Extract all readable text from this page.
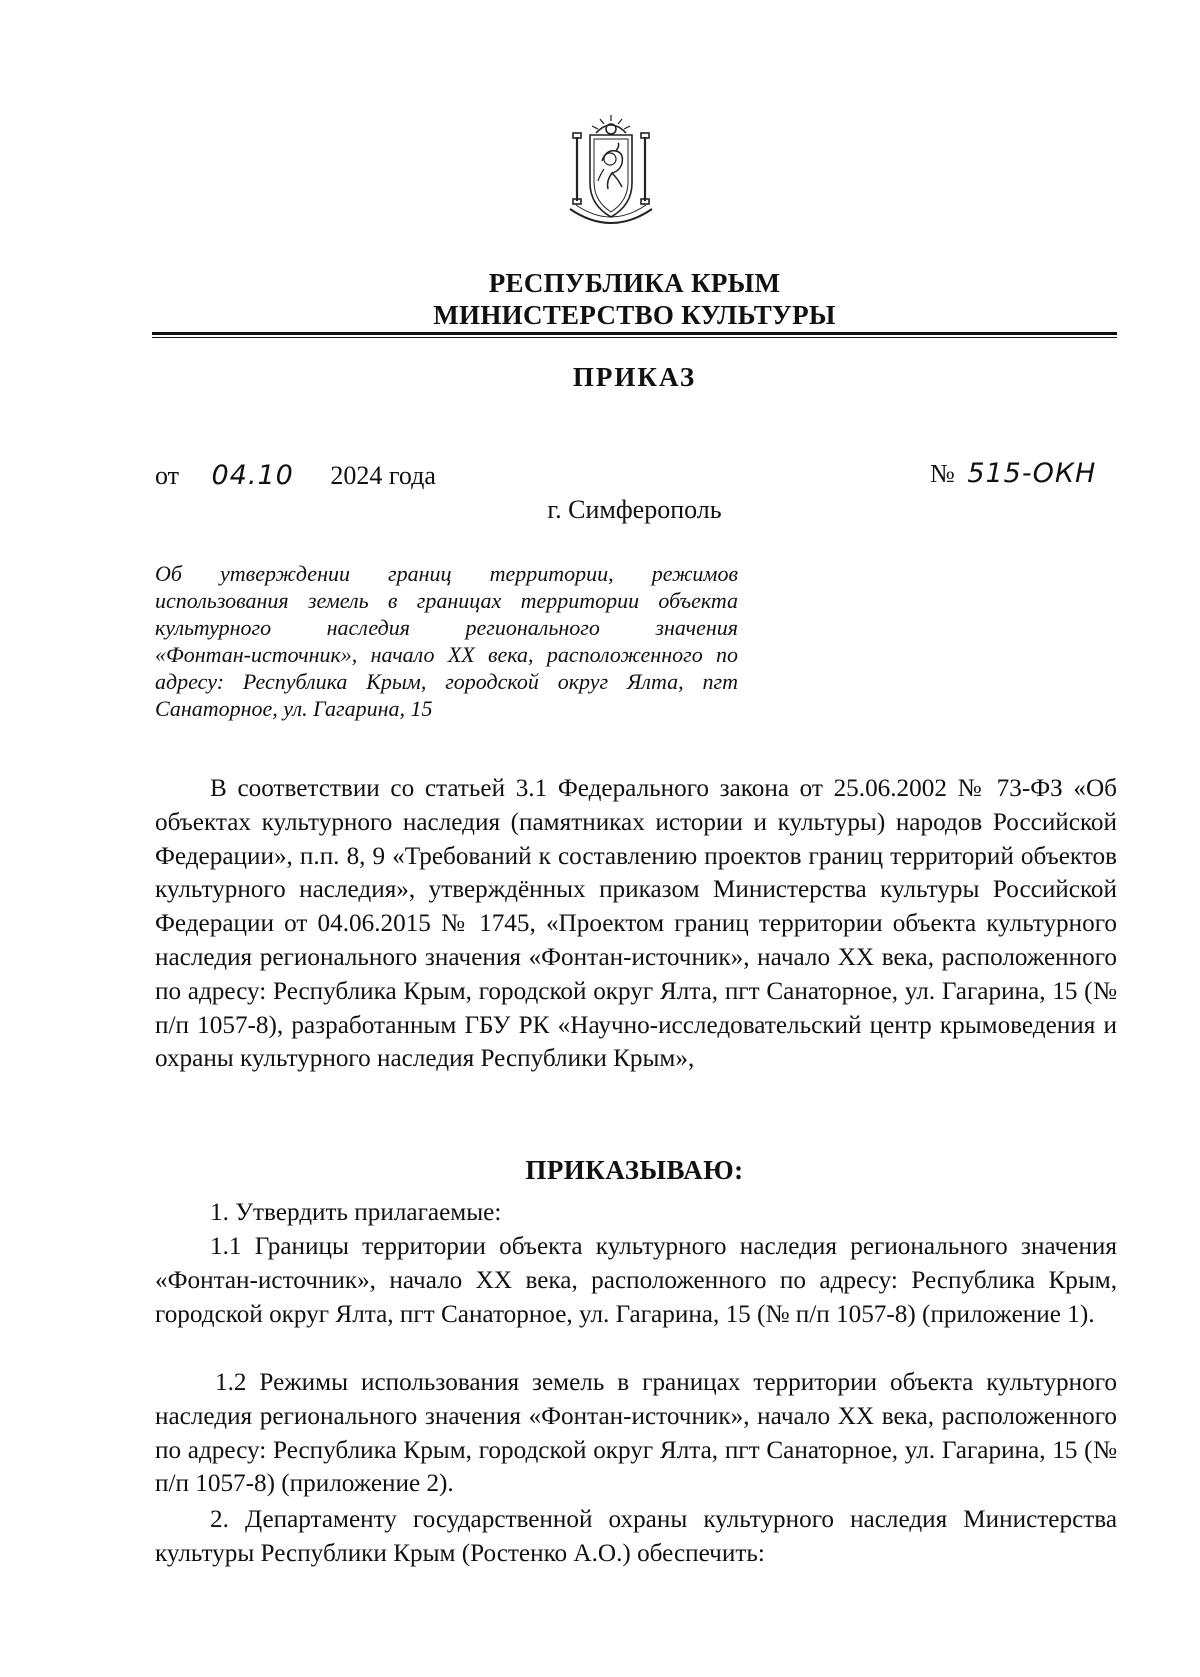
РЕСПУБЛИКА КРЫМ
МИНИСТЕРСТВО КУЛЬТУРЫ
ПРИКАЗ
от 04.10 2024 года	№ 515-ОКН
г. Симферополь
Об утверждении границ территории, режимов
использования земель в границах территории объекта
культурного наследия регионального значения
«Фонтан-источник», начало XX века, расположенного по
адресу: Республика Крым, городской округ Ялта, пгт
Санаторное, ул. Гагарина, 15
В соответствии со статьей 3.1 Федерального закона от 25.06.2002 № 73-ФЗ «Об объектах культурного наследия (памятниках истории и культуры) народов Российской Федерации», п.п. 8, 9 «Требований к составлению проектов границ территорий объектов культурного наследия», утверждённых приказом Министерства культуры Российской Федерации от 04.06.2015 № 1745, «Проектом границ территории объекта культурного наследия регионального значения «Фонтан-источник», начало XX века, расположенного по адресу: Республика Крым, городской округ Ялта, пгт Санаторное, ул. Гагарина, 15 (№ п/п 1057-8), разработанным ГБУ РК «Научно-исследовательский центр крымоведения и охраны культурного наследия Республики Крым»,
ПРИКАЗЫВАЮ:
1. Утвердить прилагаемые:
1.1 Границы территории объекта культурного наследия регионального значения «Фонтан-источник», начало XX века, расположенного по адресу: Республика Крым, городской округ Ялта, пгт Санаторное, ул. Гагарина, 15 (№ п/п 1057-8) (приложение 1).
1.2 Режимы использования земель в границах территории объекта культурного наследия регионального значения «Фонтан-источник», начало XX века, расположенного по адресу: Республика Крым, городской округ Ялта, пгт Санаторное, ул. Гагарина, 15 (№ п/п 1057-8) (приложение 2).
2. Департаменту государственной охраны культурного наследия Министерства культуры Республики Крым (Ростенко А.О.) обеспечить:
